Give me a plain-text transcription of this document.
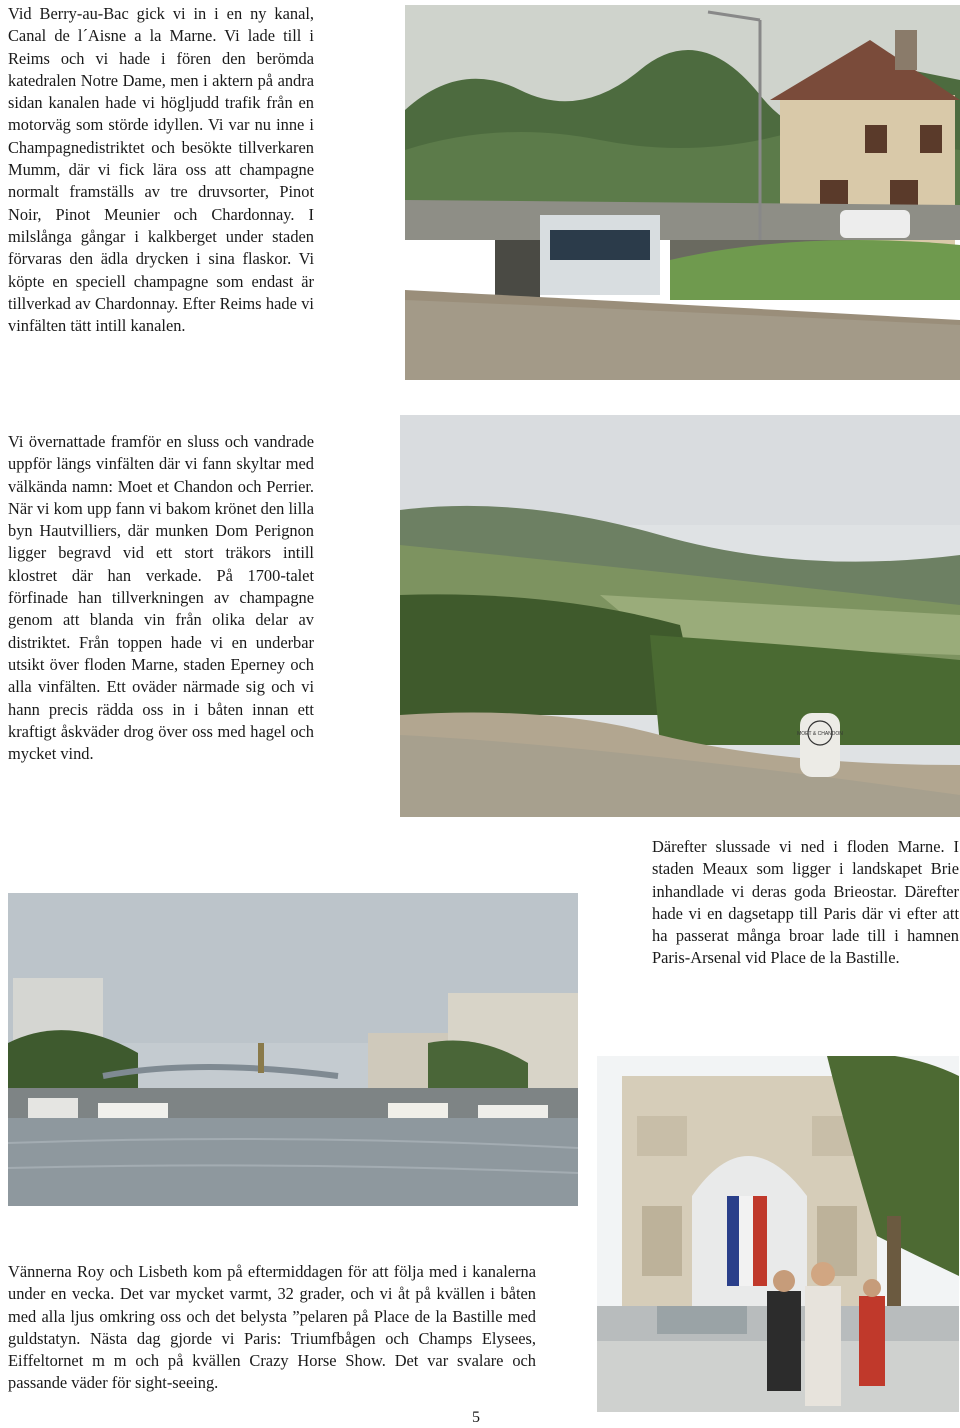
Vid Berry-au-Bac gick vi in i en ny kanal, Canal de l´Aisne a la Marne. Vi lade till i Reims och vi hade i fören den berömda katedralen Notre Dame, men i aktern på andra sidan kanalen hade vi högljudd trafik från en motorväg som störde idyllen. Vi var nu inne i Champagnedistriktet och besökte tillverkaren Mumm, där vi fick lära oss att champagne normalt framställs av tre druvsorter, Pinot Noir, Pinot Meunier och Chardonnay. I milslånga gångar i kalkberget under staden förvaras den ädla drycken i sina flaskor. Vi köpte en speciell champagne som endast är tillverkad av Chardonnay. Efter Reims hade vi vinfälten tätt intill kanalen.

Vi övernattade framför en sluss och vandrade uppför längs vinfälten där vi fann skyltar med välkända namn: Moet et Chandon och Perrier. När vi kom upp fann vi bakom krönet den lilla byn Hautvilliers, där munken Dom Perignon ligger begravd vid ett stort träkors intill klostret där han verkade. På 1700-talet förfinade han tillverkningen av champagne genom att blanda vin från olika delar av distriktet. Från toppen hade vi en underbar utsikt över floden Marne, staden Eperney och alla vinfälten. Ett oväder närmade sig och vi hann precis rädda oss in i båten innan ett kraftigt åskväder drog över oss med hagel och mycket vind.

MOET & CHANDON

Därefter slussade vi ned i floden Marne. I staden Meaux som ligger i landskapet Brie inhandlade vi deras goda Brieostar. Därefter hade vi en dagsetapp till Paris där vi efter att ha passerat många broar lade till i hamnen Paris-Arsenal vid Place de la Bastille.

Vännerna Roy och Lisbeth kom på eftermiddagen för att följa med i kanalerna under en vecka. Det var mycket varmt, 32 grader, och vi åt på kvällen i båten med alla ljus omkring oss och det belysta ”pelaren på Place de la Bastille med guldstatyn. Nästa dag gjorde vi Paris: Triumfbågen och Champs Elysees, Eiffeltornet m m och på kvällen Crazy Horse Show. Det var svalare och passande väder för sight-seeing.

5
